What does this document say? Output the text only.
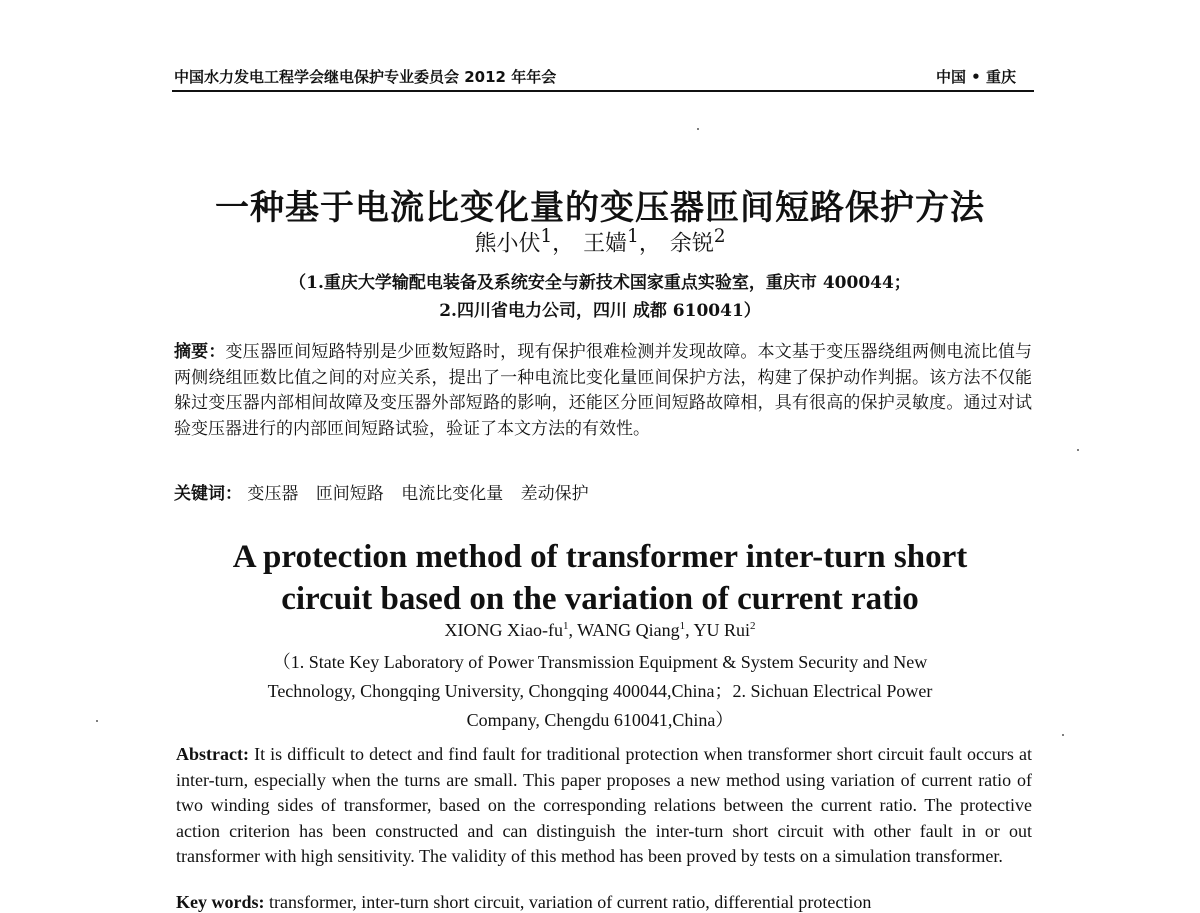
中国水力发电工程学会继电保护专业委员会 2012 年年会	中国 • 重庆
一种基于电流比变化量的变压器匝间短路保护方法
熊小伏$^1$， 王嫱$^1$， 余锐$^2$
（1.重庆大学输配电装备及系统安全与新技术国家重点实验室，重庆市 400044；
2.四川省电力公司，四川 成都 610041）
摘要：变压器匝间短路特别是少匝数短路时，现有保护很难检测并发现故障。本文基于变压器绕组两侧电流比值与两侧绕组匝数比值之间的对应关系，提出了一种电流比变化量匝间保护方法，构建了保护动作判据。该方法不仅能躲过变压器内部相间故障及变压器外部短路的影响，还能区分匝间短路故障相，具有很高的保护灵敏度。通过对试验变压器进行的内部匝间短路试验，验证了本文方法的有效性。
关键词： 变压器 匝间短路 电流比变化量 差动保护
A protection method of transformer inter-turn short
circuit based on the variation of current ratio
XIONG Xiao-$fu^1$, WANG Qiang$^1$, YU Rui$^2$
（1. State Key Laboratory of Power Transmission Equipment & System Security and New
Technology, Chongqing University, Chongqing 400044,China；2. Sichuan Electrical Power
Company, Chengdu 610041,China）
Abstract: It is difficult to detect and find fault for traditional protection when transformer short circuit fault occurs at inter-turn, especially when the turns are small. This paper proposes a new method using variation of current ratio of two winding sides of transformer, based on the corresponding relations between the current ratio. The protective action criterion has been constructed and can distinguish the inter-turn short circuit with other fault in or out transformer with high sensitivity. The validity of this method has been proved by tests on a simulation transformer.
Key words: transformer, inter-turn short circuit, variation of current ratio, differential protection
